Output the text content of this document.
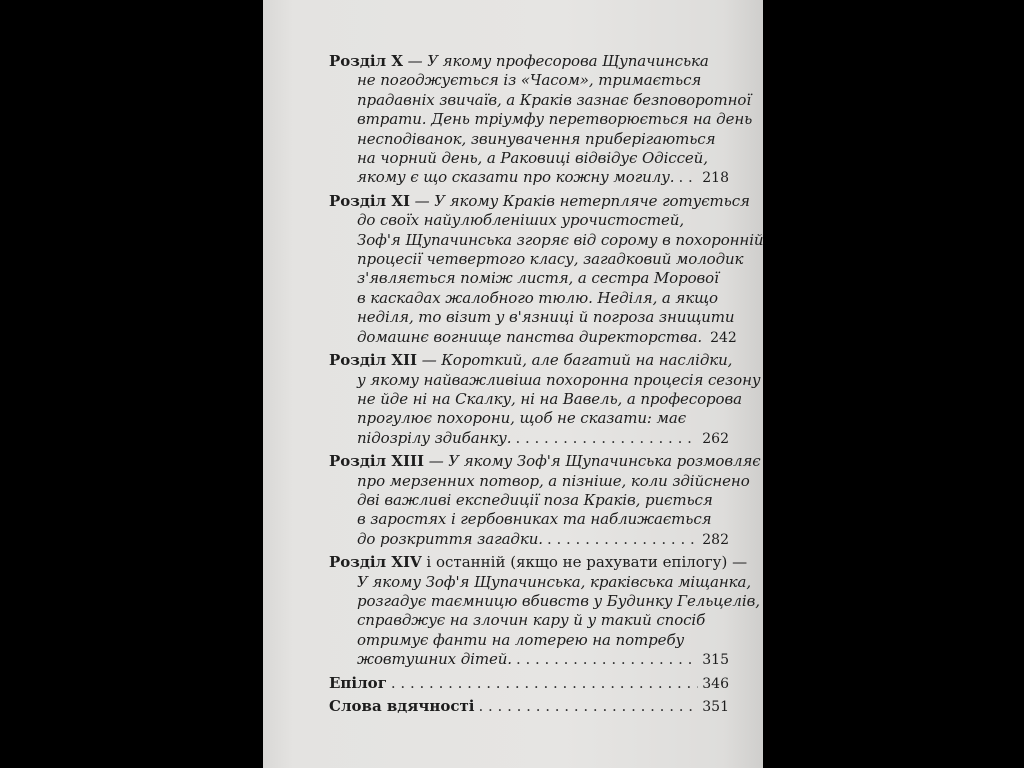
Розділ X — У якому професорова Щупачинська
не погоджується із «Часом», тримається
прадавніх звичаїв, а Краків зазнає безповоротної
втрати. День тріумфу перетворюється на день
несподіванок, звинувачення приберігаються
на чорний день, а Раковиці відвідує Одіссей,
якому є що сказати про кожну могилу. . . . 218
Розділ XI — У якому Краків нетерпляче готується
до своїх найулюбленіших урочистостей,
Зоф'я Щупачинська згоряє від сорому в похоронній
процесії четвертого класу, загадковий молодик
з'являється поміж листя, а сестра Морової
в каскадах жалобного тюлю. Неділя, а якщо
неділя, то візит у в'язниці й погроза знищити
домашнє вогнище панства директорства. 242
Розділ XII — Короткий, але багатий на наслідки,
у якому найважливіша похоронна процесія сезону
не йде ні на Скалку, ні на Вавель, а професорова
прогулює похорони, щоб не сказати: має
підозрілу здибанку. . . .	262
Розділ XIII — У якому Зоф'я Щупачинська розмовляє
про мерзенних потвор, а пізніше, коли здійснено
дві важливі експедиції поза Краків, риється
в заростях і гербовниках та наближається
до розкриття загадки. . . .	282
Розділ XIV і останній (якщо не рахувати епілогу) —
У якому Зоф'я Щупачинська, краківська міщанка,
розгадує таємницю вбивств у Будинку Гельцелів,
справджує на злочин кару й у такий спосіб
отримує фанти на лотерею на потребу
жовтушних дітей. . . .	315
Епілог . . .	346
Слова вдячності . . .	351
